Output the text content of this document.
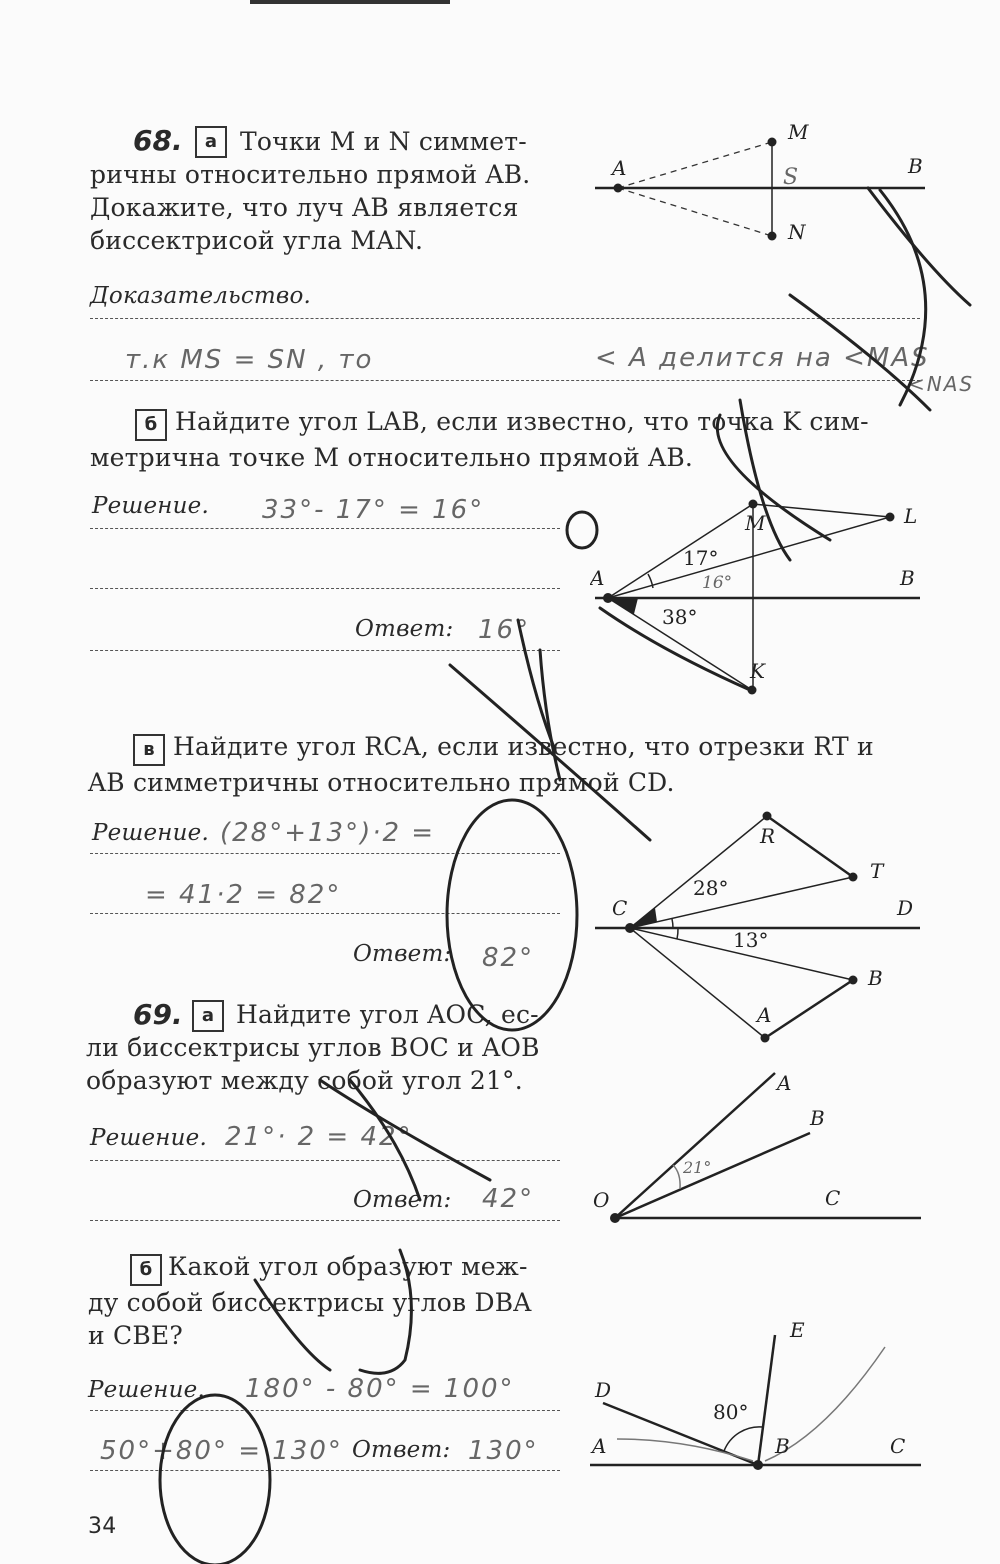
68.	а Точки M и N симмет-
ричны относительно прямой AB.
Докажите, что луч AB является
биссектрисой угла MAN.
Доказательство.
т.к MS = SN , то	< A делится на <MAS
<NAS
A	B
M
N
S
б Найдите угол LAB, если известно, что точка K сим-
метрична точке M относительно прямой AB.
Решение. 33°- 17° = 16°
Ответ: 16°
A	B
M	L
K
17°
38°
16°
в Найдите угол RCA, если известно, что отрезки RT и
AB симметричны относительно прямой CD.
Решение. (28°+13°)·2 =
= 41·2 = 82°
Ответ: 82°
C	D
R
T
B
A
28°
13°
69.	а Найдите угол AOC, ес-
ли биссектрисы углов BOC и AOB
образуют между собой угол 21°.
Решение. 21°· 2 = 42°
Ответ: 42°	O
A
B
C
21°
б Какой угол образуют меж-
ду собой биссектрисы углов DBA
и CBE?
Решение. 180° - 80° = 100°
50°+80° = 130° Ответ: 130°
D
E
A	B	C
80°
34
